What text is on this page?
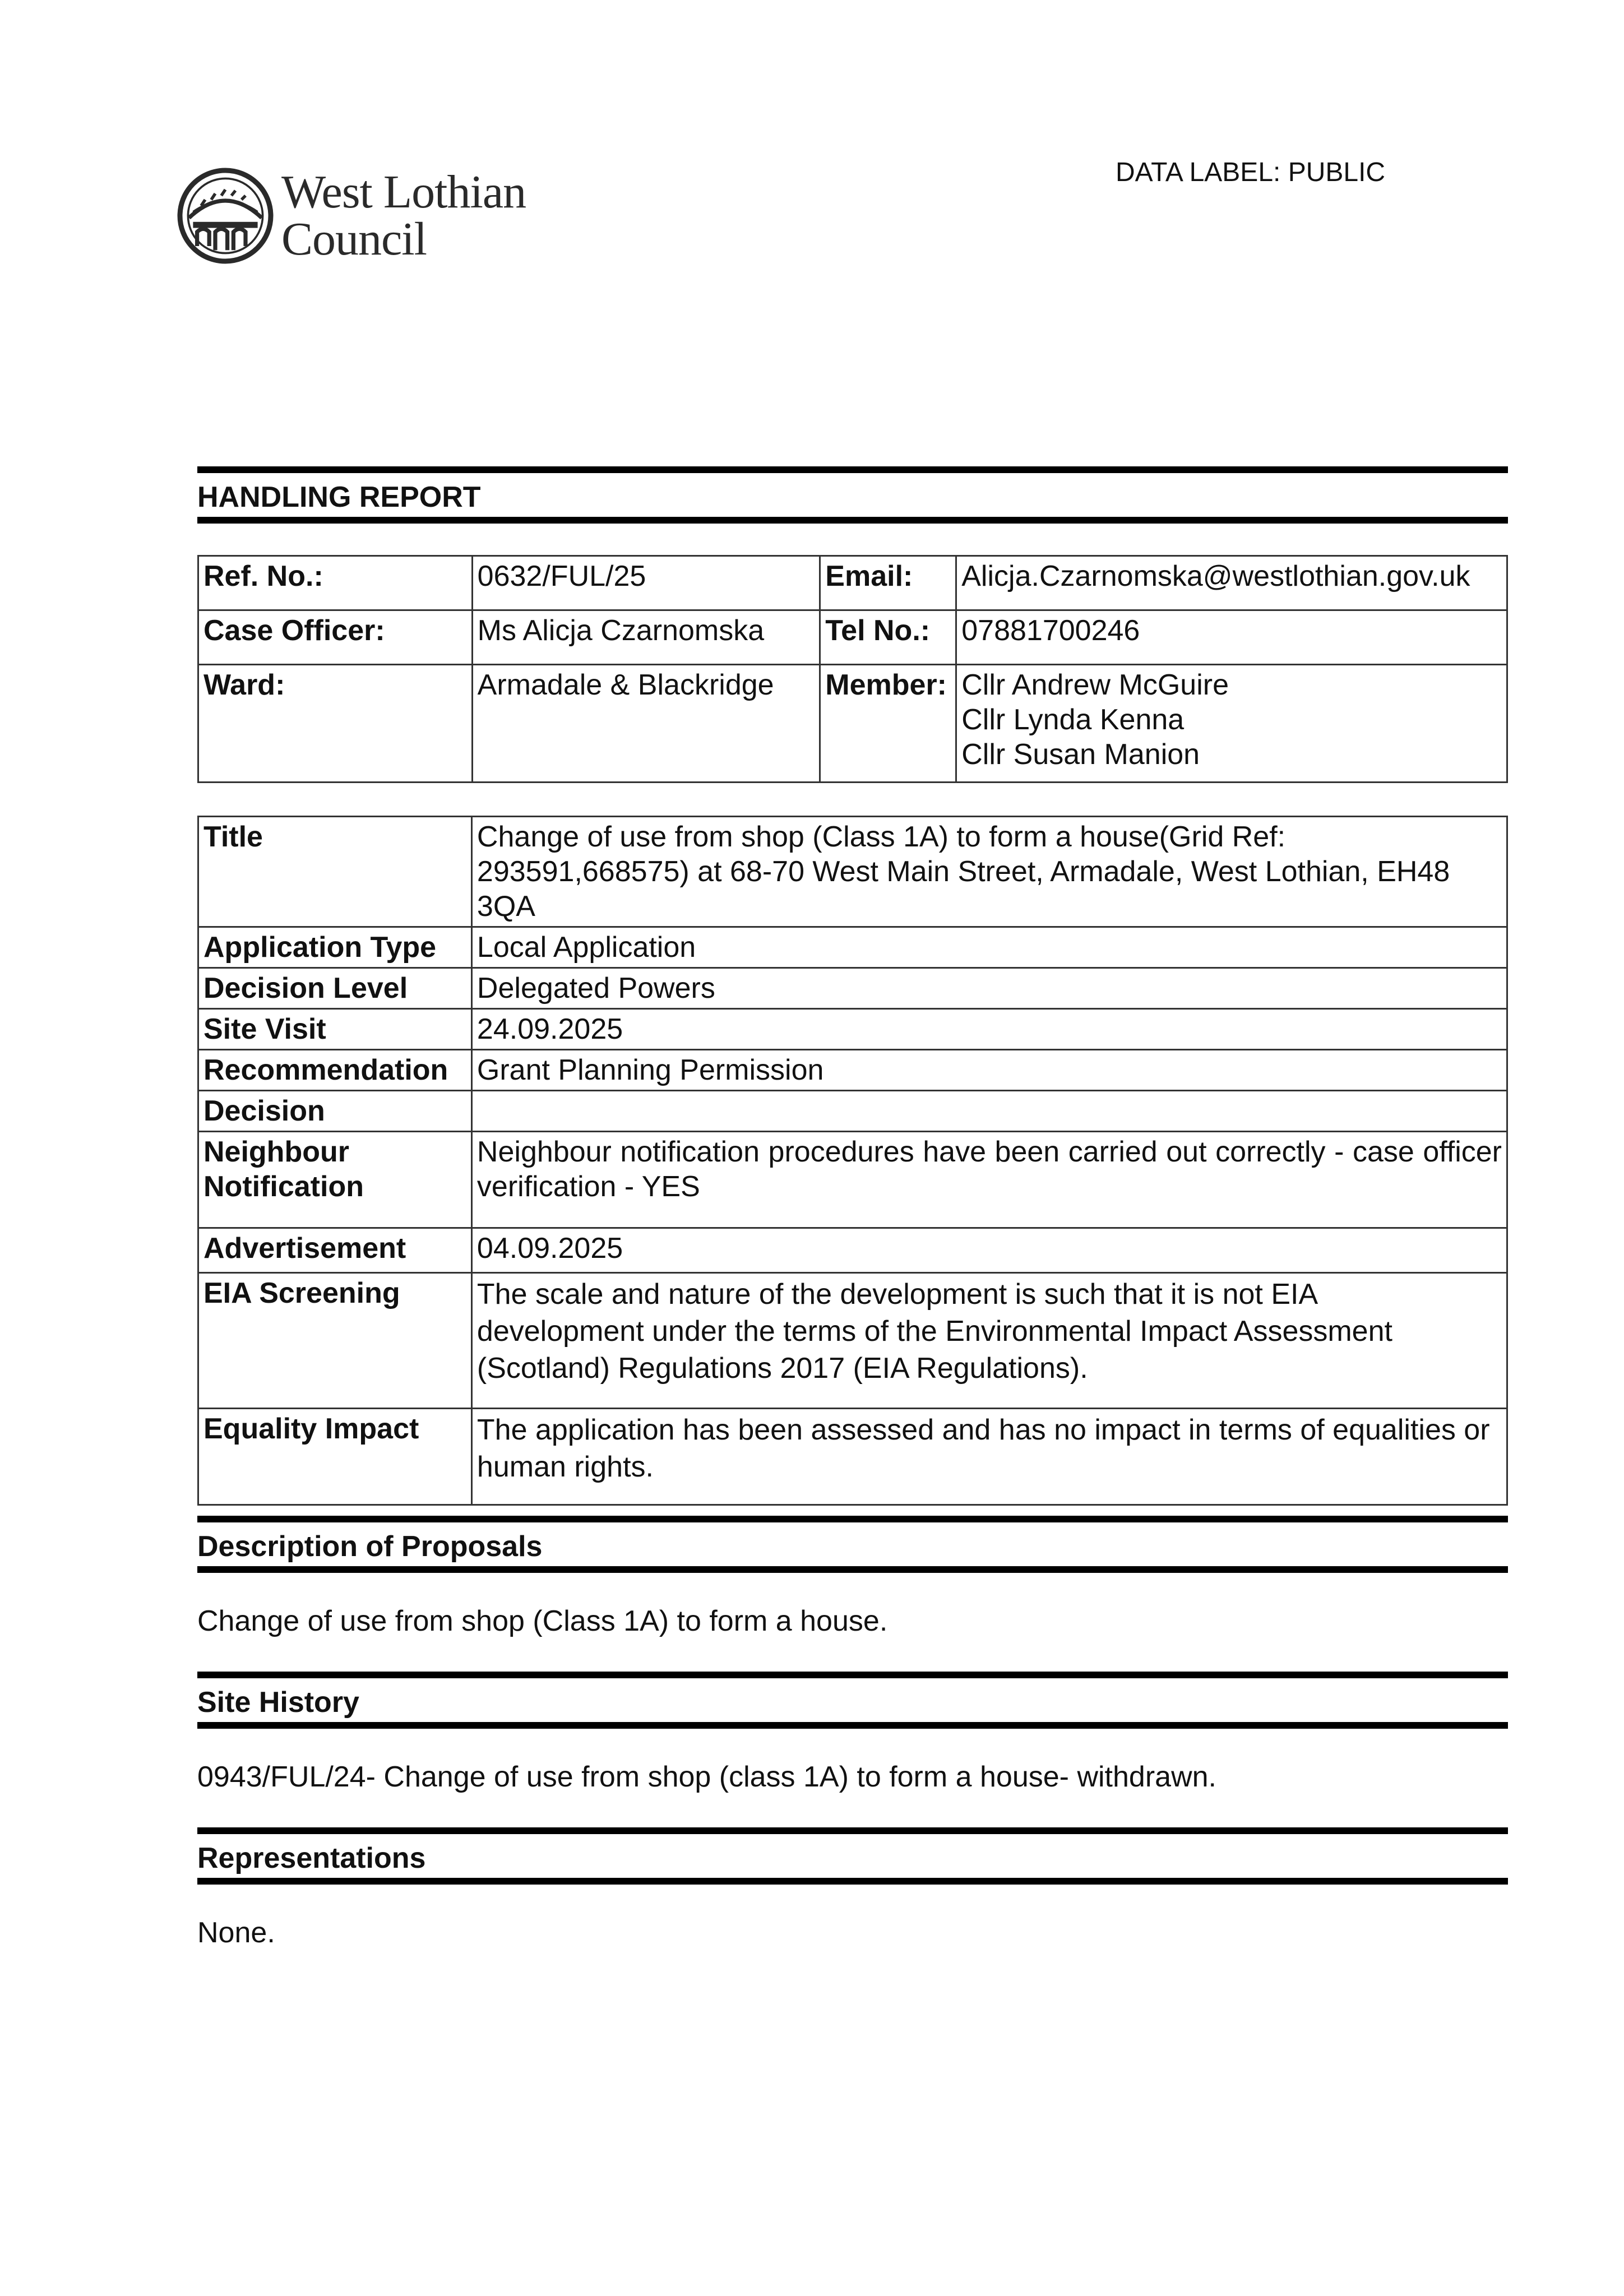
West Lothian
Council
DATA LABEL: PUBLIC
HANDLING REPORT
Ref. No.:	0632/FUL/25	Email:	Alicja.Czarnomska@westlothian.gov.uk
Case Officer:	Ms Alicja Czarnomska	Tel No.:	07881700246
Ward:	Armadale & Blackridge	Member:	Cllr Andrew McGuire
Cllr Lynda Kenna
Cllr Susan Manion
Title	Change of use from shop (Class 1A) to form a house(Grid Ref: 293591,668575) at 68-70 West Main Street, Armadale, West Lothian, EH48 3QA
Application Type	Local Application
Decision Level	Delegated Powers
Site Visit	24.09.2025
Recommendation	Grant Planning Permission
Decision	

Neighbour
Notification	Neighbour notification procedures have been carried out correctly - case officer verification - YES
Advertisement	04.09.2025
EIA Screening	The scale and nature of the development is such that it is not EIA
development under the terms of the Environmental Impact Assessment
(Scotland) Regulations 2017 (EIA Regulations).

Equality Impact	The application has been assessed and has no impact in terms of equalities or human rights.
Description of Proposals
Change of use from shop (Class 1A) to form a house.
Site History
0943/FUL/24- Change of use from shop (class 1A) to form a house- withdrawn.
Representations
None.
